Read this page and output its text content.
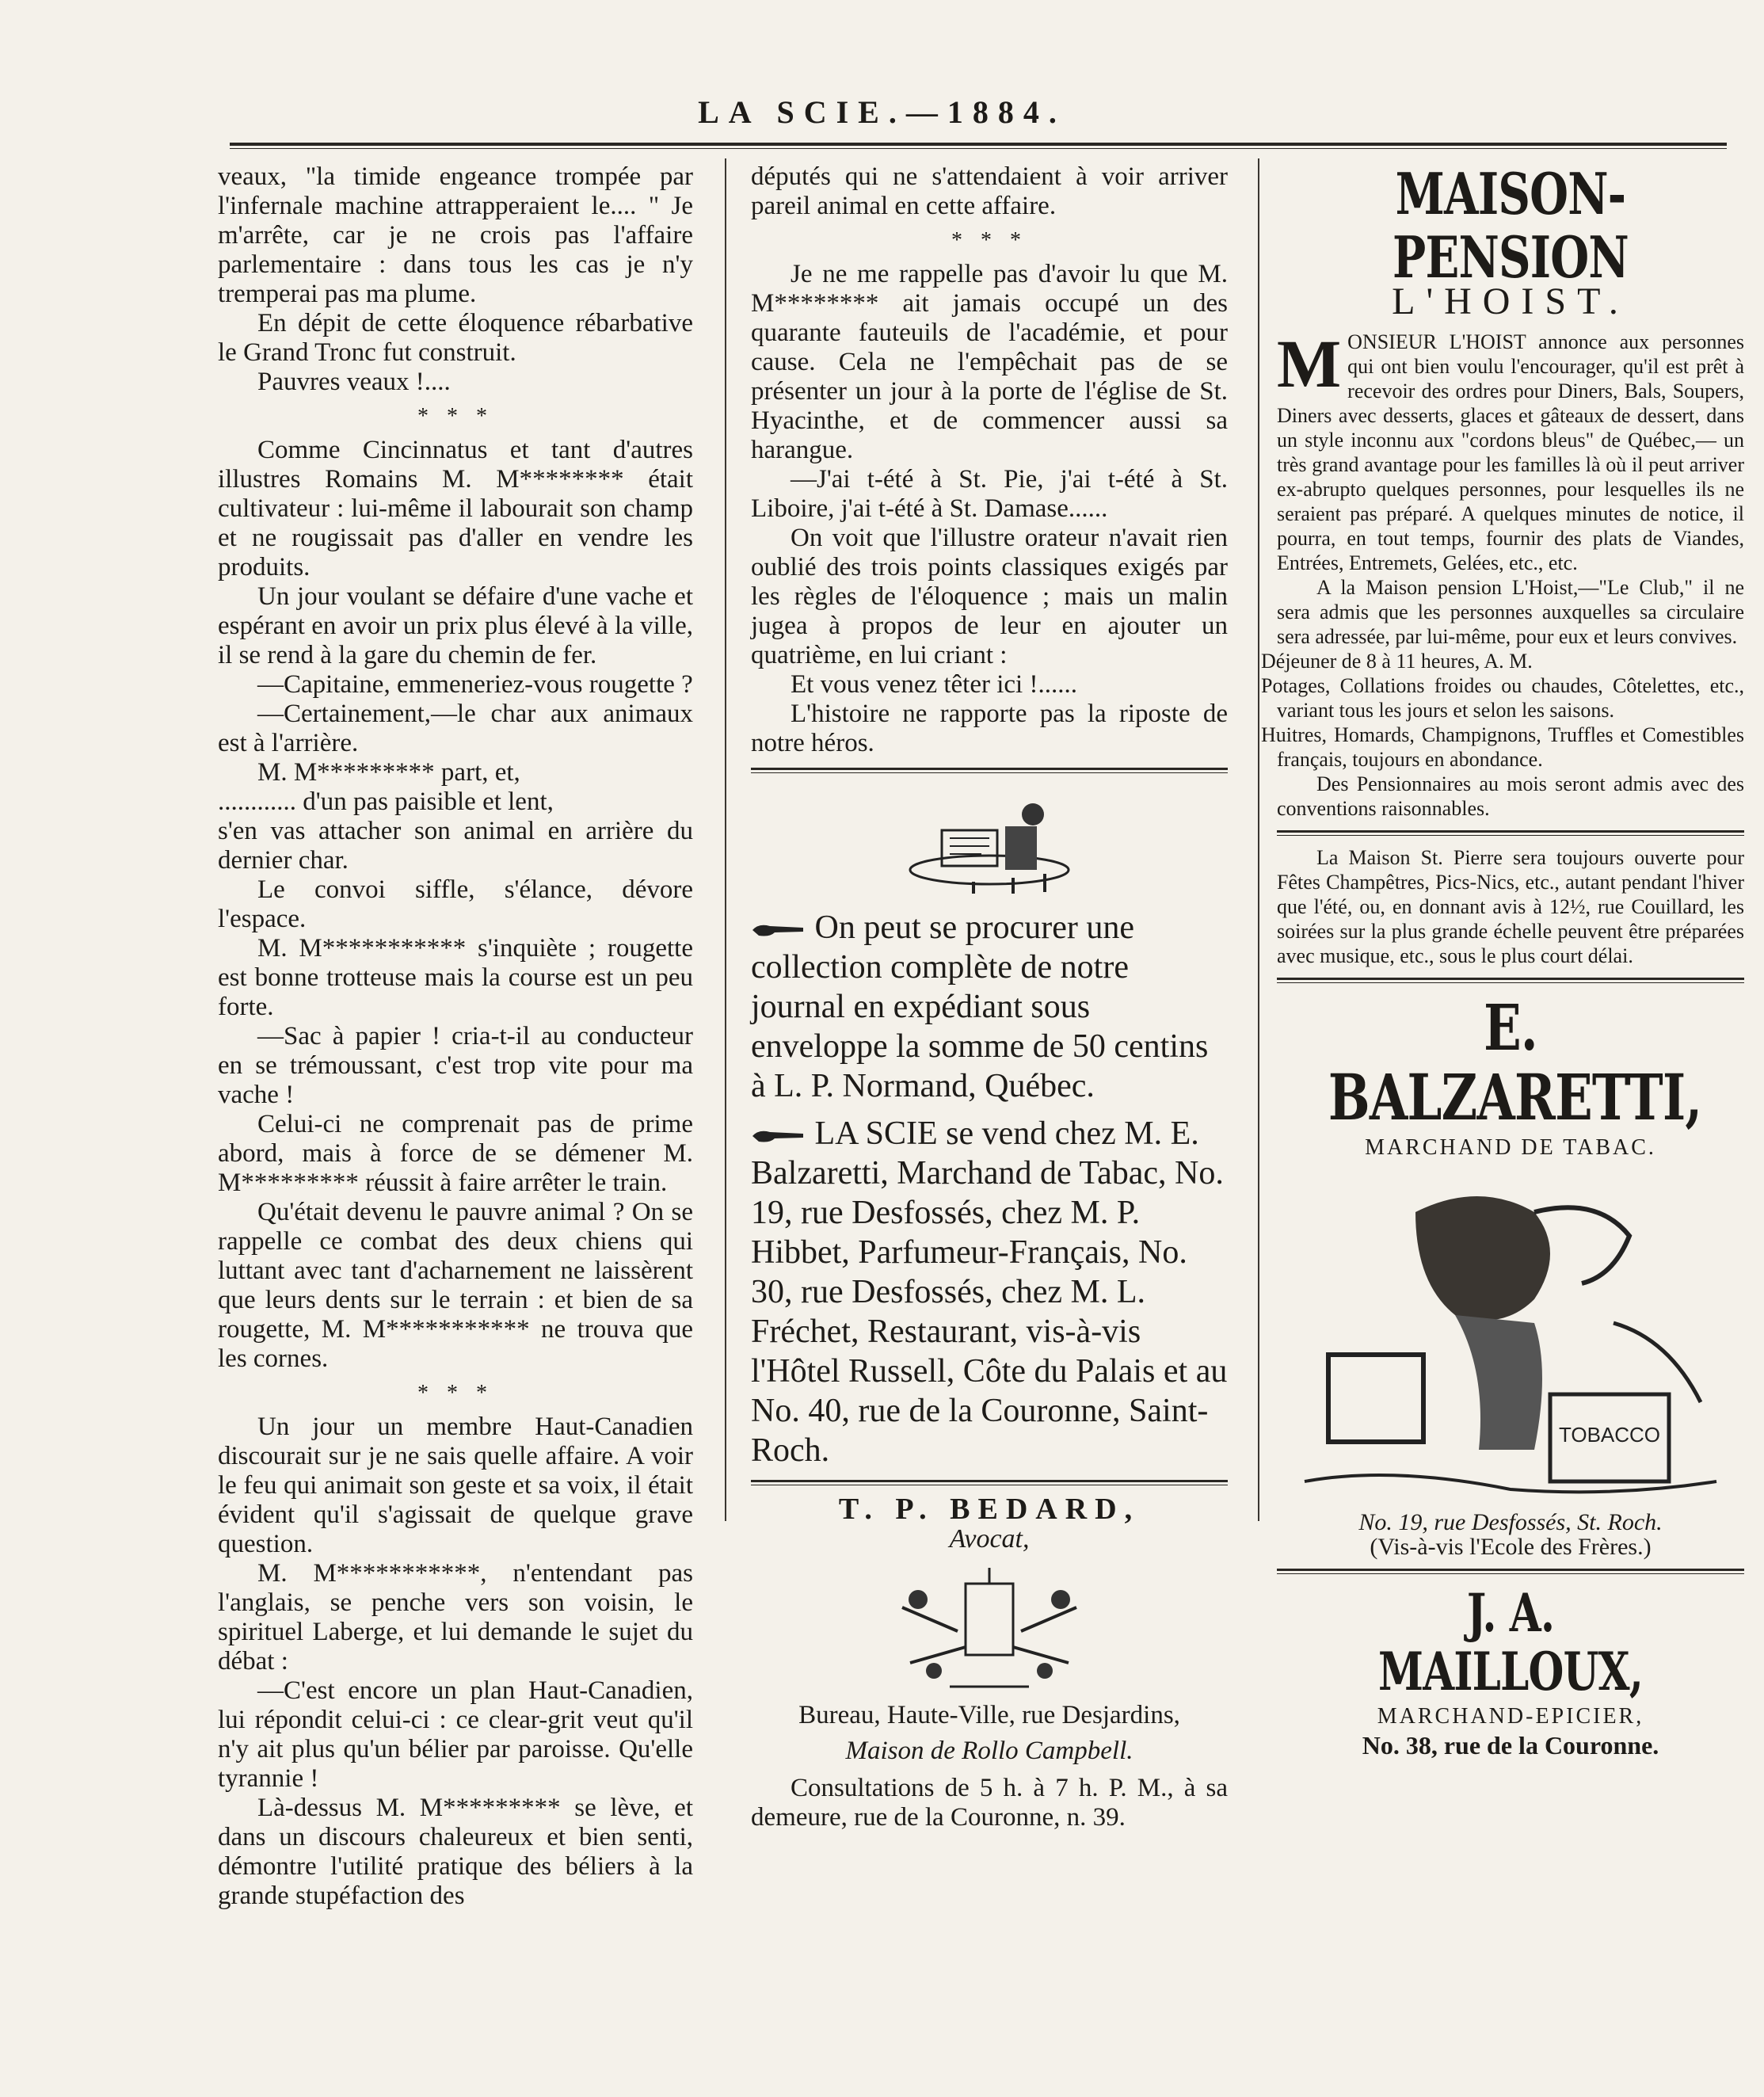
LA SCIE.—1884.

veaux, "la timide engeance trompée par l'infernale machine attrapperaient le.... " Je m'arrête, car je ne crois pas l'affaire parlementaire : dans tous les cas je n'y tremperai pas ma plume.

En dépit de cette éloquence rébarbative le Grand Tronc fut construit.

Pauvres veaux !....

* * *

Comme Cincinnatus et tant d'autres illustres Romains M. M******** était cultivateur : lui-même il labourait son champ et ne rougissait pas d'aller en vendre les produits.

Un jour voulant se défaire d'une vache et espérant en avoir un prix plus élevé à la ville, il se rend à la gare du chemin de fer.

—Capitaine, emmeneriez-vous rougette ?

—Certainement,—le char aux animaux est à l'arrière.

M. M********* part, et,

............ d'un pas paisible et lent,

s'en vas attacher son animal en arrière du dernier char.

Le convoi siffle, s'élance, dévore l'espace.

M. M*********** s'inquiète ; rougette est bonne trotteuse mais la course est un peu forte.

—Sac à papier ! cria-t-il au conducteur en se trémoussant, c'est trop vite pour ma vache !

Celui-ci ne comprenait pas de prime abord, mais à force de se démener M. M********* réussit à faire arrêter le train.

Qu'était devenu le pauvre animal ? On se rappelle ce combat des deux chiens qui luttant avec tant d'acharnement ne laissèrent que leurs dents sur le terrain : et bien de sa rougette, M. M*********** ne trouva que les cornes.

* * *

Un jour un membre Haut-Canadien discourait sur je ne sais quelle affaire. A voir le feu qui animait son geste et sa voix, il était évident qu'il s'agissait de quelque grave question.

M. M***********, n'entendant pas l'anglais, se penche vers son voisin, le spirituel Laberge, et lui demande le sujet du débat :

—C'est encore un plan Haut-Canadien, lui répondit celui-ci : ce clear-grit veut qu'il n'y ait plus qu'un bélier par paroisse. Qu'elle tyrannie !

Là-dessus M. M********* se lève, et dans un discours chaleureux et bien senti, démontre l'utilité pratique des béliers à la grande stupéfaction des

députés qui ne s'attendaient à voir arriver pareil animal en cette affaire.

* * *

Je ne me rappelle pas d'avoir lu que M. M******** ait jamais occupé un des quarante fauteuils de l'académie, et pour cause. Cela ne l'empêchait pas de se présenter un jour à la porte de l'église de St. Hyacinthe, et de commencer aussi sa harangue.

—J'ai t-été à St. Pie, j'ai t-été à St. Liboire, j'ai t-été à St. Damase......

On voit que l'illustre orateur n'avait rien oublié des trois points classiques exigés par les règles de l'éloquence ; mais un malin jugea à propos de leur en ajouter un quatrième, en lui criant :

Et vous venez têter ici !......

L'histoire ne rapporte pas la riposte de notre héros.

On peut se procurer une collection complète de notre journal en expédiant sous enveloppe la somme de 50 centins à L. P. Normand, Québec.
LA SCIE se vend chez M. E. Balzaretti, Marchand de Tabac, No. 19, rue Desfossés, chez M. P. Hibbet, Parfumeur-Français, No. 30, rue Desfossés, chez M. L. Fréchet, Restaurant, vis-à-vis l'Hôtel Russell, Côte du Palais et au No. 40, rue de la Couronne, Saint-Roch.
T. P. BEDARD,
Avocat,
Bureau, Haute-Ville, rue Desjardins,
Maison de Rollo Campbell.
Consultations de 5 h. à 7 h. P. M., à sa demeure, rue de la Couronne, n. 39.
MAISON-PENSION
L'HOIST.

MONSIEUR L'HOIST annonce aux personnes qui ont bien voulu l'encourager, qu'il est prêt à recevoir des ordres pour Diners, Bals, Soupers, Diners avec desserts, glaces et gâteaux de dessert, dans un style inconnu aux "cordons bleus" de Québec,— un très grand avantage pour les familles là où il peut arriver ex-abrupto quelques personnes, pour lesquelles ils ne seraient pas préparé. A quelques minutes de notice, il pourra, en tout temps, fournir des plats de Viandes, Entrées, Entremets, Gelées, etc., etc.

A la Maison pension L'Hoist,—"Le Club," il ne sera admis que les personnes auxquelles sa circulaire sera adressée, par lui-même, pour eux et leurs convives.

Déjeuner de 8 à 11 heures, A. M.

Potages, Collations froides ou chaudes, Côtelettes, etc., variant tous les jours et selon les saisons.

Huitres, Homards, Champignons, Truffles et Comestibles français, toujours en abondance.

Des Pensionnaires au mois seront admis avec des conventions raisonnables.

La Maison St. Pierre sera toujours ouverte pour Fêtes Champêtres, Pics-Nics, etc., autant pendant l'hiver que l'été, ou, en donnant avis à 12½, rue Couillard, les soirées sur la plus grande échelle peuvent être préparées avec musique, etc., sous le plus court délai.

E. BALZARETTI,
MARCHAND DE TABAC.
TOBACCO
No. 19, rue Desfossés, St. Roch.
(Vis-à-vis l'Ecole des Frères.)
J. A. MAILLOUX,
MARCHAND-EPICIER,
No. 38, rue de la Couronne.
